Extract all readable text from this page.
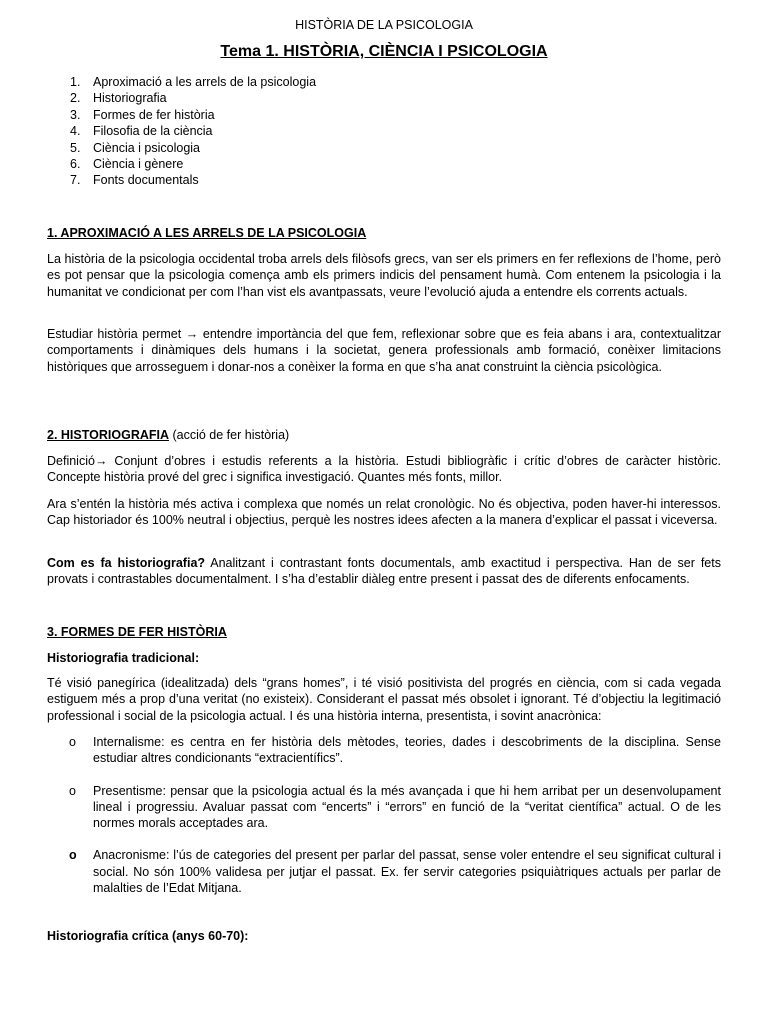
HISTÒRIA DE LA PSICOLOGIA
Tema 1. HISTÒRIA, CIÈNCIA I PSICOLOGIA
1.	Aproximació a les arrels de la psicologia
2.	Historiografia
3.	Formes de fer història
4.	Filosofia de la ciència
5.	Ciència i psicologia
6.	Ciència i gènere
7.	Fonts documentals
1. APROXIMACIÓ A LES ARRELS DE LA PSICOLOGIA

La història de la psicologia occidental troba arrels dels filòsofs grecs, van ser els primers en fer reflexions de l’home, però es pot pensar que la psicologia comença amb els primers indicis del pensament humà. Com entenem la psicologia i la humanitat ve condicionat per com l’han vist els avantpassats, veure l’evolució ajuda a entendre els corrents actuals.

Estudiar història permet → entendre importància del que fem, reflexionar sobre que es feia abans i ara, contextualitzar comportaments i dinàmiques dels humans i la societat, genera professionals amb formació, conèixer limitacions històriques que arrosseguem i donar-nos a conèixer la forma en que s’ha anat construint la ciència psicològica.

2. HISTORIOGRAFIA (acció de fer història)

Definició→ Conjunt d’obres i estudis referents a la història. Estudi bibliogràfic i crític d’obres de caràcter històric. Concepte història prové del grec i significa investigació. Quantes més fonts, millor.

Ara s’entén la història més activa i complexa que només un relat cronològic. No és objectiva, poden haver-hi interessos. Cap historiador és 100% neutral i objectius, perquè les nostres idees afecten a la manera d’explicar el passat i viceversa.

Com es fa historiografia? Analitzant i contrastant fonts documentals, amb exactitud i perspectiva. Han de ser fets provats i contrastables documentalment. I s’ha d’establir diàleg entre present i passat des de diferents enfocaments.

3. FORMES DE FER HISTÒRIA
Historiografia tradicional:

Té visió panegírica (idealitzada) dels “grans homes”, i té visió positivista del progrés en ciència, com si cada vegada estiguem més a prop d’una veritat (no existeix). Considerant el passat més obsolet i ignorant. Té d’objectiu la legitimació professional i social de la psicologia actual. I és una història interna, presentista, i sovint anacrònica:

o	Internalisme: es centra en fer història dels mètodes, teories, dades i descobriments de la disciplina. Sense estudiar altres condicionants “extracientífics”.
o	Presentisme: pensar que la psicologia actual és la més avançada i que hi hem arribat per un desenvolupament lineal i progressiu. Avaluar passat com “encerts” i “errors” en funció de la “veritat científica” actual. O de les normes morals acceptades ara.
o	Anacronisme: l’ús de categories del present per parlar del passat, sense voler entendre el seu significat cultural i social. No són 100% validesa per jutjar el passat. Ex. fer servir categories psiquiàtriques actuals per parlar de malalties de l’Edat Mitjana.
Historiografia crítica (anys 60-70):
